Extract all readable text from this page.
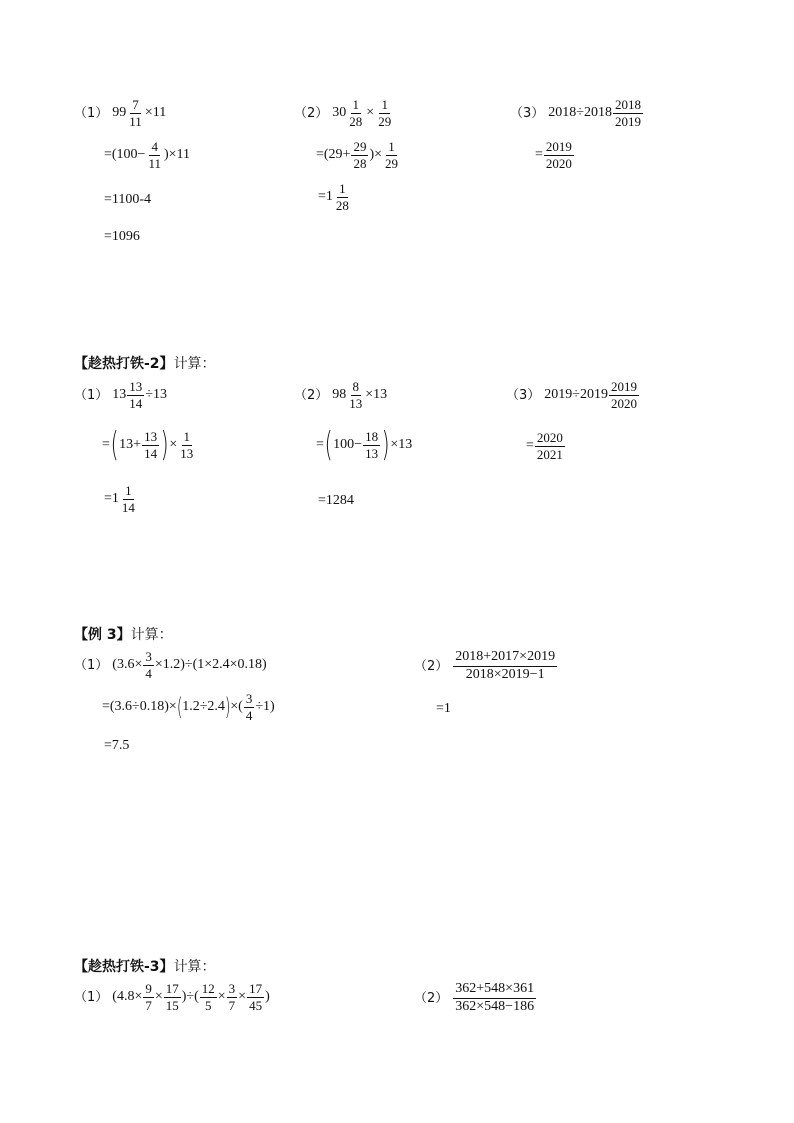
（1） $99 \frac{7}{11} \times 11$
$=(100- \frac{4}{11} )\times 11$
=1100-4
=1096
（2） $30 \frac{1}{28} \times \frac{1}{29}$
$=(29+ \frac{29}{28}$ )× $\frac{1}{29}$
$=1 \frac{1}{28}$
（3） $2018\div 2018 \frac{2018}{2019}$
= $\frac{2019}{2020}$
【趁热打铁-2】计算：
（1） $13 \frac{13}{14} \div 13$
= ( $13+ \frac{13}{14}$ ) × $\frac{1}{13}$
$=1 \frac{1}{14}$
（2） $98 \frac{8}{13} \times 13$
= ( $100- \frac{18}{13}$ ) ×13
=1284
（3） $2019\div 2019 \frac{2019}{2020}$
= $\frac{2020}{2021}$
【例 3】计算：
（1） $(3.6\times \frac{3}{4} \times 1.2)\div(1\times 2.4\times 0.18)$
=(3.6÷0.18)× ( 1.2÷2.4 ) ×( $\frac{3}{4} \div 1$)
=7.5
$(2) \frac{2018+2017\times 2019}{2018\times 2019-1}$
=1
【趁热打铁-3】计算：
（1） ($4.8\times \frac{9}{7} \times \frac{17}{15}$ )÷( $\frac{12}{5} \times \frac{3}{7} \times \frac{17}{45}$ )	$(2) \frac{362+548\times 361}{362\times 548-186}$
